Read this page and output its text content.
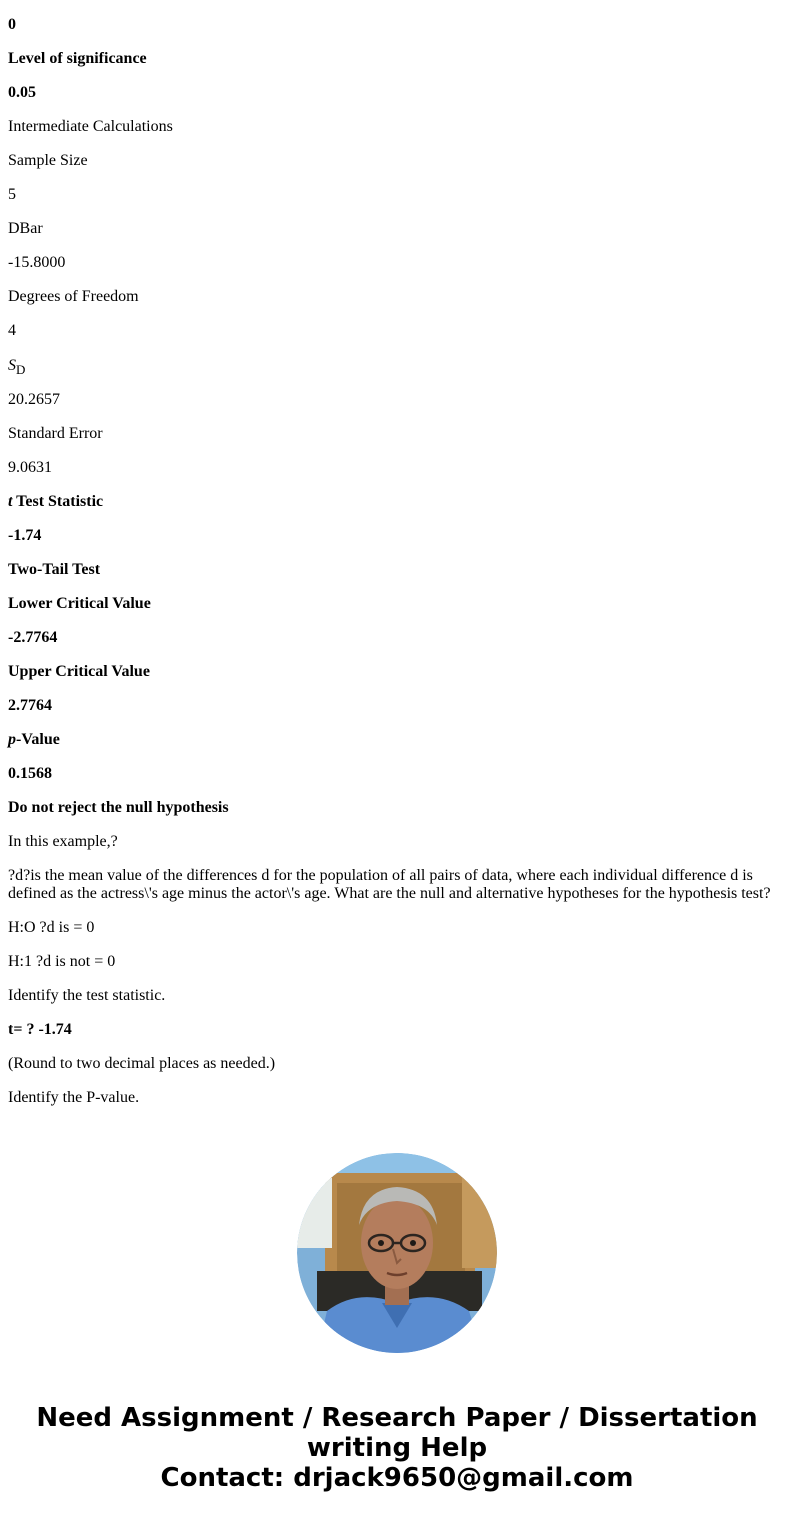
0

Level of significance

0.05

Intermediate Calculations

Sample Size

5

DBar

-15.8000

Degrees of Freedom

4

$S_D$

20.2657

Standard Error

9.0631

t Test Statistic

-1.74

Two-Tail Test

Lower Critical Value

-2.7764

Upper Critical Value

2.7764

p-Value

0.1568

Do not reject the null hypothesis

In this example,?

?d?is the mean value of the differences d for the population of all pairs of data, where each individual difference d is defined as the actress\'s age minus the actor\'s age. What are the null and alternative hypotheses for the hypothesis test?

H:O ?d is = 0

H:1 ?d is not = 0

Identify the test statistic.

t= ? -1.74

(Round to two decimal places as needed.)

Identify the P-value.

Need Assignment / Research Paper / Dissertation
writing Help
Contact: drjack9650@gmail.com
